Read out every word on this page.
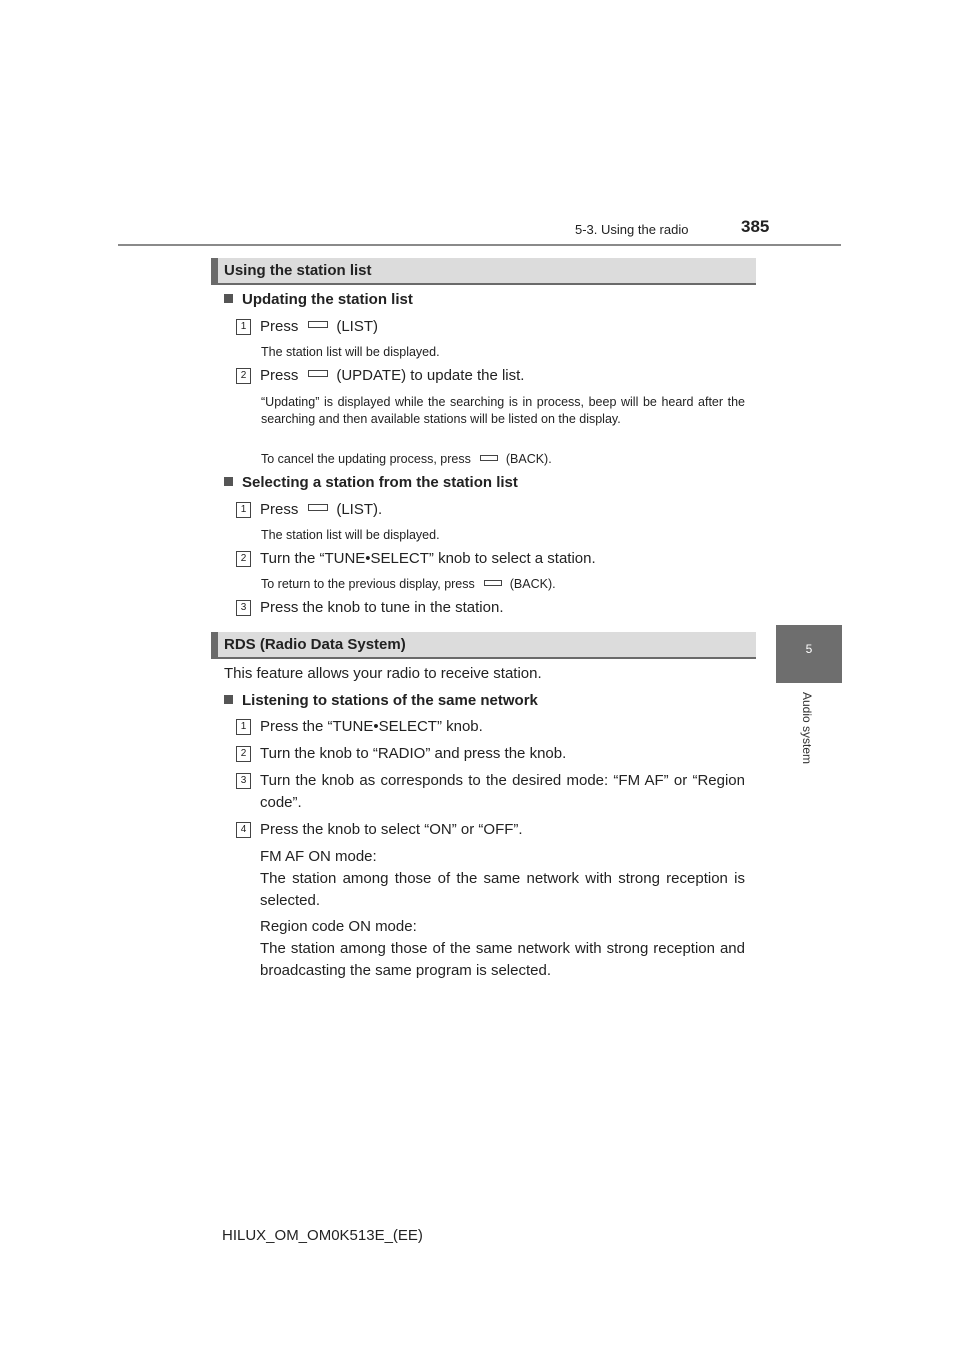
5-3. Using the radio	385
5
Audio system
Using the station list
Updating the station list
1 Press	(LIST)
The station list will be displayed.
2 Press	(UPDATE) to update the list.
“Updating” is displayed while the searching is in process, beep will be heard after the searching and then available stations will be listed on the display.
To cancel the updating process, press	(BACK).
Selecting a station from the station list
1 Press	(LIST).
The station list will be displayed.
2 Turn the “TUNE•SELECT” knob to select a station.
To return to the previous display, press	(BACK).
3 Press the knob to tune in the station.
RDS (Radio Data System)
This feature allows your radio to receive station.
Listening to stations of the same network
1 Press the “TUNE•SELECT” knob.
2 Turn the knob to “RADIO” and press the knob.
3 Turn the knob as corresponds to the desired mode: “FM AF” or “Region code”.
4 Press the knob to select “ON” or “OFF”.
FM AF ON mode:
The station among those of the same network with strong reception is selected.
Region code ON mode:
The station among those of the same network with strong reception and broadcasting the same program is selected.
HILUX_OM_OM0K513E_(EE)
